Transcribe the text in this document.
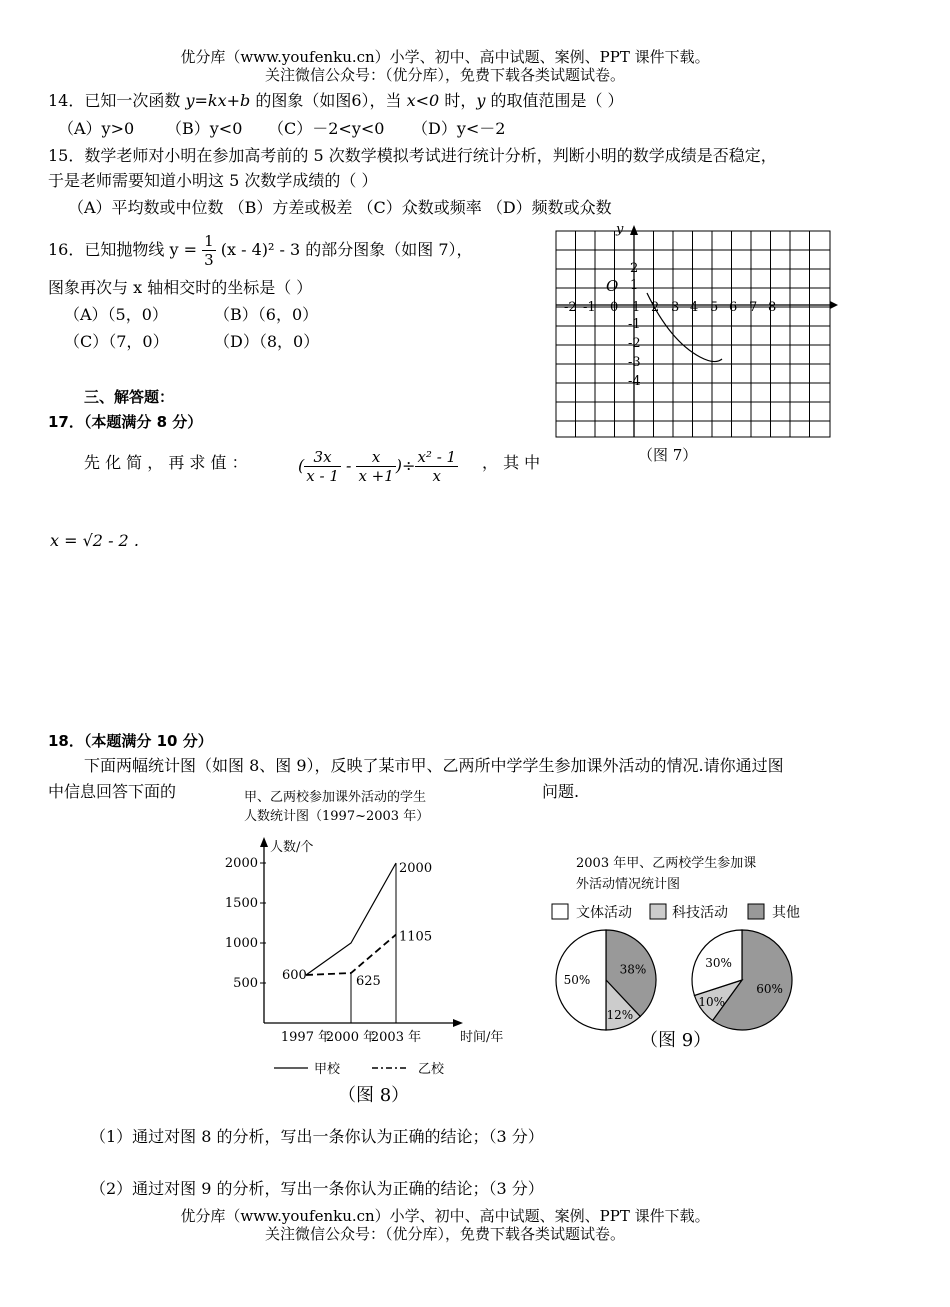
优分库（www.youfenku.cn）小学、初中、高中试题、案例、PPT 课件下载。
关注微信公众号：（优分库），免费下载各类试题试卷。
14．已知一次函数 y=kx+b 的图象（如图6），当 x<0 时，y 的取值范围是（ ）
（A）y>0 （B）y<0 （C）－2<y<0 （D）y<－2
15．数学老师对小明在参加高考前的 5 次数学模拟考试进行统计分析，判断小明的数学成绩是否稳定，
于是老师需要知道小明这 5 次数学成绩的（ ）
（A）平均数或中位数 （B）方差或极差 （C）众数或频率 （D）频数或众数
16．已知抛物线 $y = \frac{1}{3} (x - 4)^2 - 3$ 的部分图象（如图 7），
图象再次与 x 轴相交时的坐标是（ ）
（A）（5，0）	（B）（6，0）
（C）（7，0）	（D）（8，0）
y
O
-2 -1 0 1 2 3 4 5 6 7 8
2
1
-1
-2
-3
-4
（图 7）
三、解答题：
17．（本题满分 8 分）
先 化 简 ， 再 求 值 ：	( $\frac{3x}{x - 1} - \frac{x}{x +1}$ )÷ $\frac{\text{x² - 1}}{x}$ ， 其 中
x = √2 - 2 .
18．（本题满分 10 分）
下面两幅统计图（如图 8、图 9），反映了某市甲、乙两所中学学生参加课外活动的情况.请你通过图
中信息回答下面的	问题.
甲、乙两校参加课外活动的学生
人数统计图（1997~2003 年）
人数/个
时间/年
500
1000
1500
2000
1997 年
2000 年
2003 年
600	625
2000
1105
甲校	乙校
（图 8）
2003 年甲、乙两校学生参加课
外活动情况统计图
文体活动	科技活动	其他
38%
12%
50%
60%
10%
30%
（图 9）
（1）通过对图 8 的分析，写出一条你认为正确的结论；（3 分）
（2）通过对图 9 的分析，写出一条你认为正确的结论；（3 分）
优分库（www.youfenku.cn）小学、初中、高中试题、案例、PPT 课件下载。
关注微信公众号：（优分库），免费下载各类试题试卷。
